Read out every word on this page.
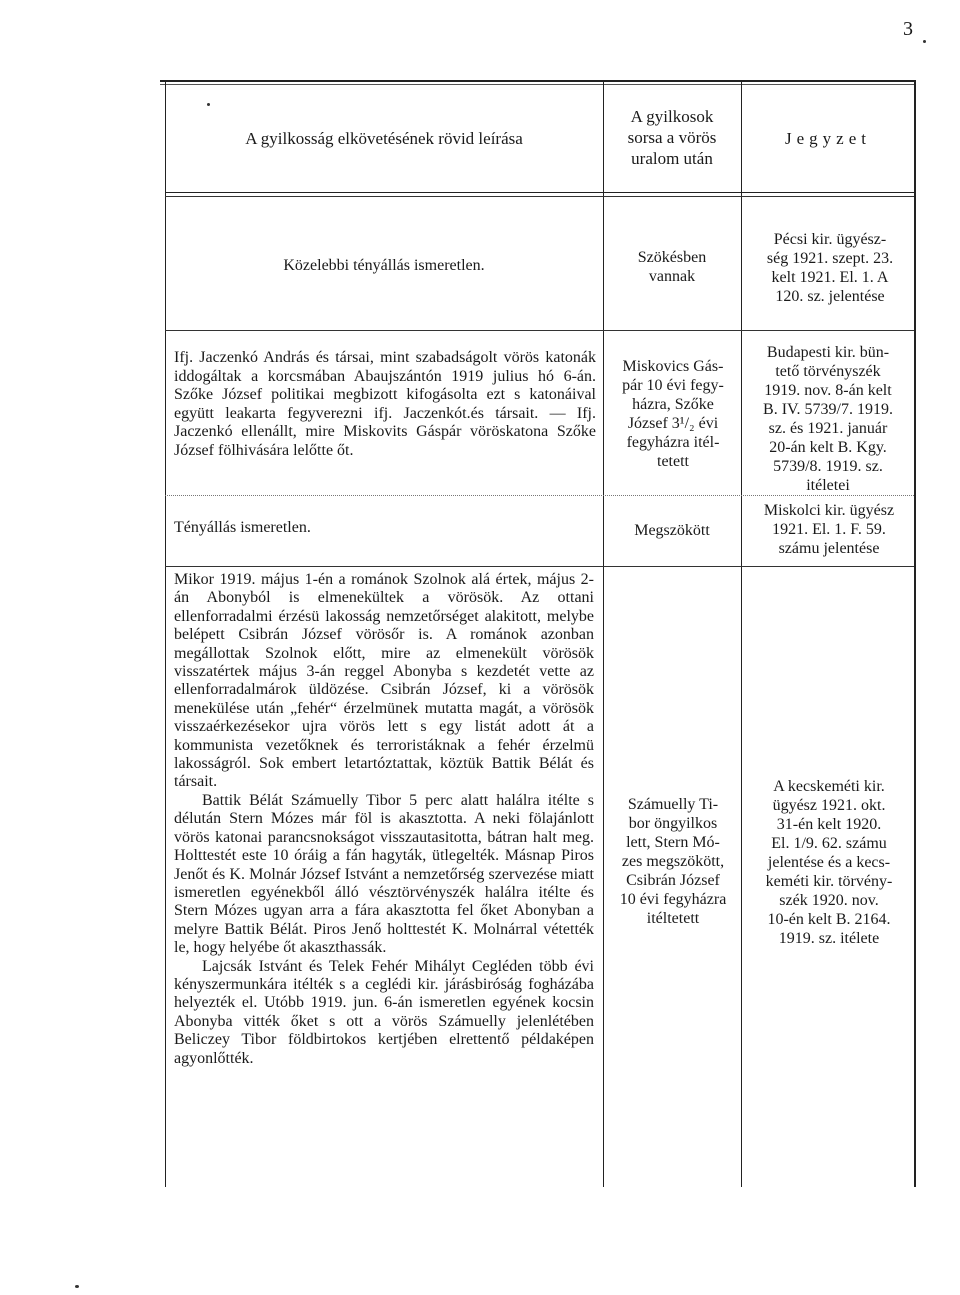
3
A gyilkosság elkövetésének rövid leírása
A gyilkosok
sorsa a vörös
uralom után
Jegyzet
Közelebbi tényállás ismeretlen.	Szökésben
vannak
Pécsi kir. ügyész-
ség 1921. szept. 23.
kelt 1921. El. 1. A
120. sz. jelentése
Ifj. Jaczenkó András és társai, mint szabadságolt vörös katonák iddogáltak a korcsmában Abaujszántón 1919 julius hó 6-án. Szőke József politikai megbizott kifogásolta ezt s katonáival együtt leakarta fegyverezni ifj. Jaczenkót.és társait. — Ifj. Jaczenkó ellenállt, mire Miskovits Gáspár vöröskatona Szőke József fölhivására lelőtte őt.
Miskovics Gás-
pár 10 évi fegy-
házra, Szőke
József 3¹/₂ évi
fegyházra itél-
tetett
Budapesti kir. bün-
tető törvényszék
1919. nov. 8-án kelt
B. IV. 5739/7. 1919.
sz. és 1921. január
20-án kelt B. Kgy.
5739/8. 1919. sz.
itéletei
Tényállás ismeretlen.	Megszökött
Miskolci kir. ügyész
1921. El. 1. F. 59.
számu jelentése
Mikor 1919. május 1-én a románok Szolnok alá értek, május 2-án Abonyból is elmenekültek a vörösök. Az ottani ellenforradalmi érzésü lakosság nemzetőrséget alakitott, melybe belépett Csibrán József vörösőr is. A románok azonban megállottak Szolnok előtt, mire az elmenekült vörösök visszatértek május 3-án reggel Abonyba s kezdetét vette az ellenforradalmárok üldözése. Csibrán József, ki a vörösök menekülése után „fehér“ érzelmünek mutatta magát, a vörösök visszaérkezésekor ujra vörös lett s egy listát adott át a kommunista vezetőknek és terroristáknak a fehér érzelmü lakosságról. Sok embert letartóztattak, köztük Battik Bélát és társait.
Battik Bélát Számuelly Tibor 5 perc alatt halálra itélte s délután Stern Mózes már föl is akasztotta. A neki fölajánlott vörös katonai parancsnokságot visszautasitotta, bátran halt meg. Holttestét este 10 óráig a fán hagyták, ütlegelték. Másnap Piros Jenőt és K. Molnár József Istvánt a nemzetőrség szervezése miatt ismeretlen egyénekből álló vésztörvényszék halálra itélte és Stern Mózes ugyan arra a fára akasztotta fel őket Abonyban a melyre Battik Bélát. Piros Jenő holttestét K. Molnárral vétették le, hogy helyébe őt akaszthassák.
Lajcsák Istvánt és Telek Fehér Mihályt Cegléden több évi kényszermunkára itélték s a ceglédi kir. járásbiróság fogházába helyezték el. Utóbb 1919. jun. 6-án ismeretlen egyének kocsin Abonyba vitték őket s ott a vörös Számuelly jelenlétében Beliczey Tibor földbirtokos kertjében elrettentő példaképen agyonlőtték.
Számuelly Ti-
bor öngyilkos
lett, Stern Mó-
zes megszökött,
Csibrán József
10 évi fegyházra
itéltetett
A kecskeméti kir.
ügyész 1921. okt.
31-én kelt 1920.
El. 1/9. 62. számu
jelentése és a kecs-
keméti kir. törvény-
szék 1920. nov.
10-én kelt B. 2164.
1919. sz. itélete
